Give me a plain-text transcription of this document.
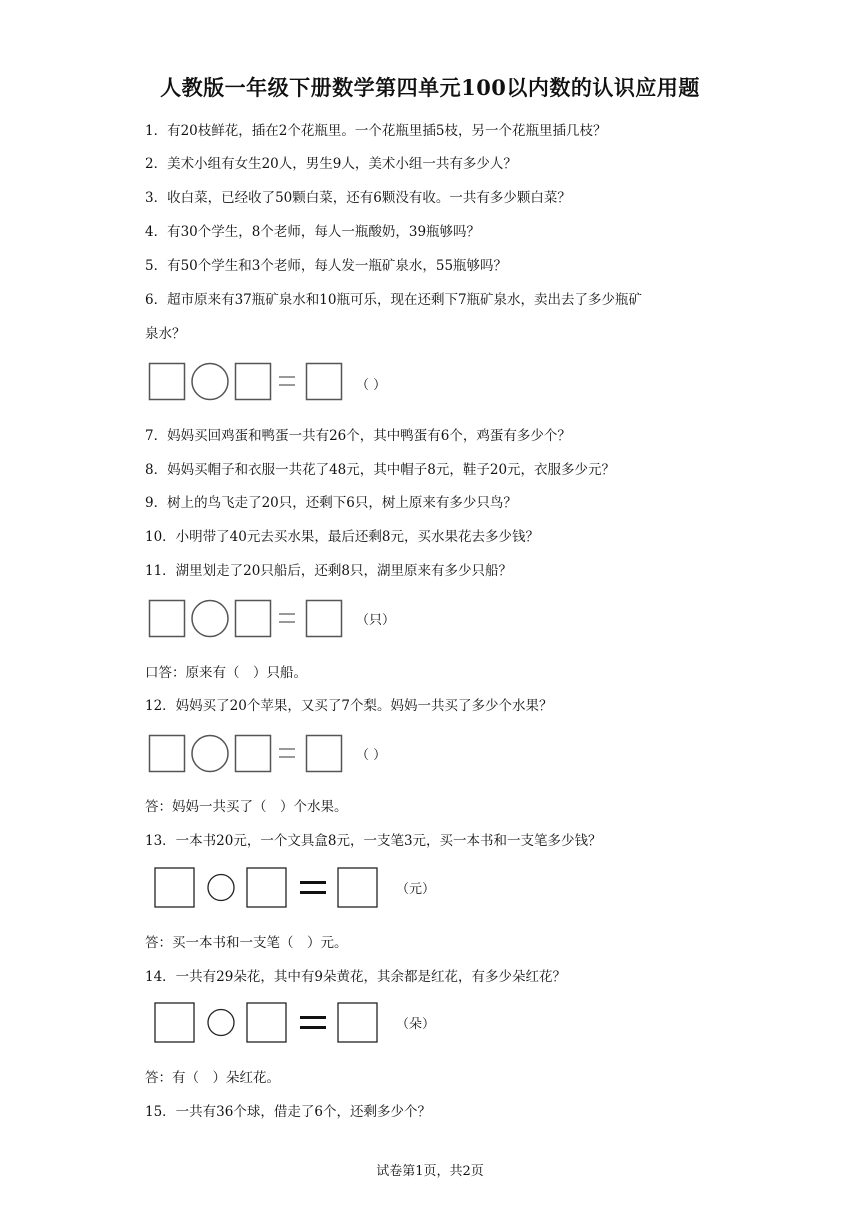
人教版一年级下册数学第四单元100以内数的认识应用题
1．有20枝鲜花，插在2个花瓶里。一个花瓶里插5枝，另一个花瓶里插几枝？
2．美术小组有女生20人，男生9人，美术小组一共有多少人？
3．收白菜，已经收了50颗白菜，还有6颗没有收。一共有多少颗白菜？
4．有30个学生，8个老师，每人一瓶酸奶，39瓶够吗？
5．有50个学生和3个老师，每人发一瓶矿泉水，55瓶够吗？
6．超市原来有37瓶矿泉水和10瓶可乐，现在还剩下7瓶矿泉水，卖出去了多少瓶矿
泉水？
（ ）
7．妈妈买回鸡蛋和鸭蛋一共有26个，其中鸭蛋有6个，鸡蛋有多少个？
8．妈妈买帽子和衣服一共花了48元，其中帽子8元，鞋子20元，衣服多少元？
9．树上的鸟飞走了20只，还剩下6只，树上原来有多少只鸟？
10．小明带了40元去买水果，最后还剩8元，买水果花去多少钱？
11．湖里划走了20只船后，还剩8只，湖里原来有多少只船？
（只）
口答：原来有（　）只船。
12．妈妈买了20个苹果，又买了7个梨。妈妈一共买了多少个水果？
（ ）
答：妈妈一共买了（　）个水果。
13．一本书20元，一个文具盒8元，一支笔3元，买一本书和一支笔多少钱？
（元）
答：买一本书和一支笔（　）元。
14．一共有29朵花，其中有9朵黄花，其余都是红花，有多少朵红花？
（朵）
答：有（　）朵红花。
15．一共有36个球，借走了6个，还剩多少个？
试卷第1页，共2页
